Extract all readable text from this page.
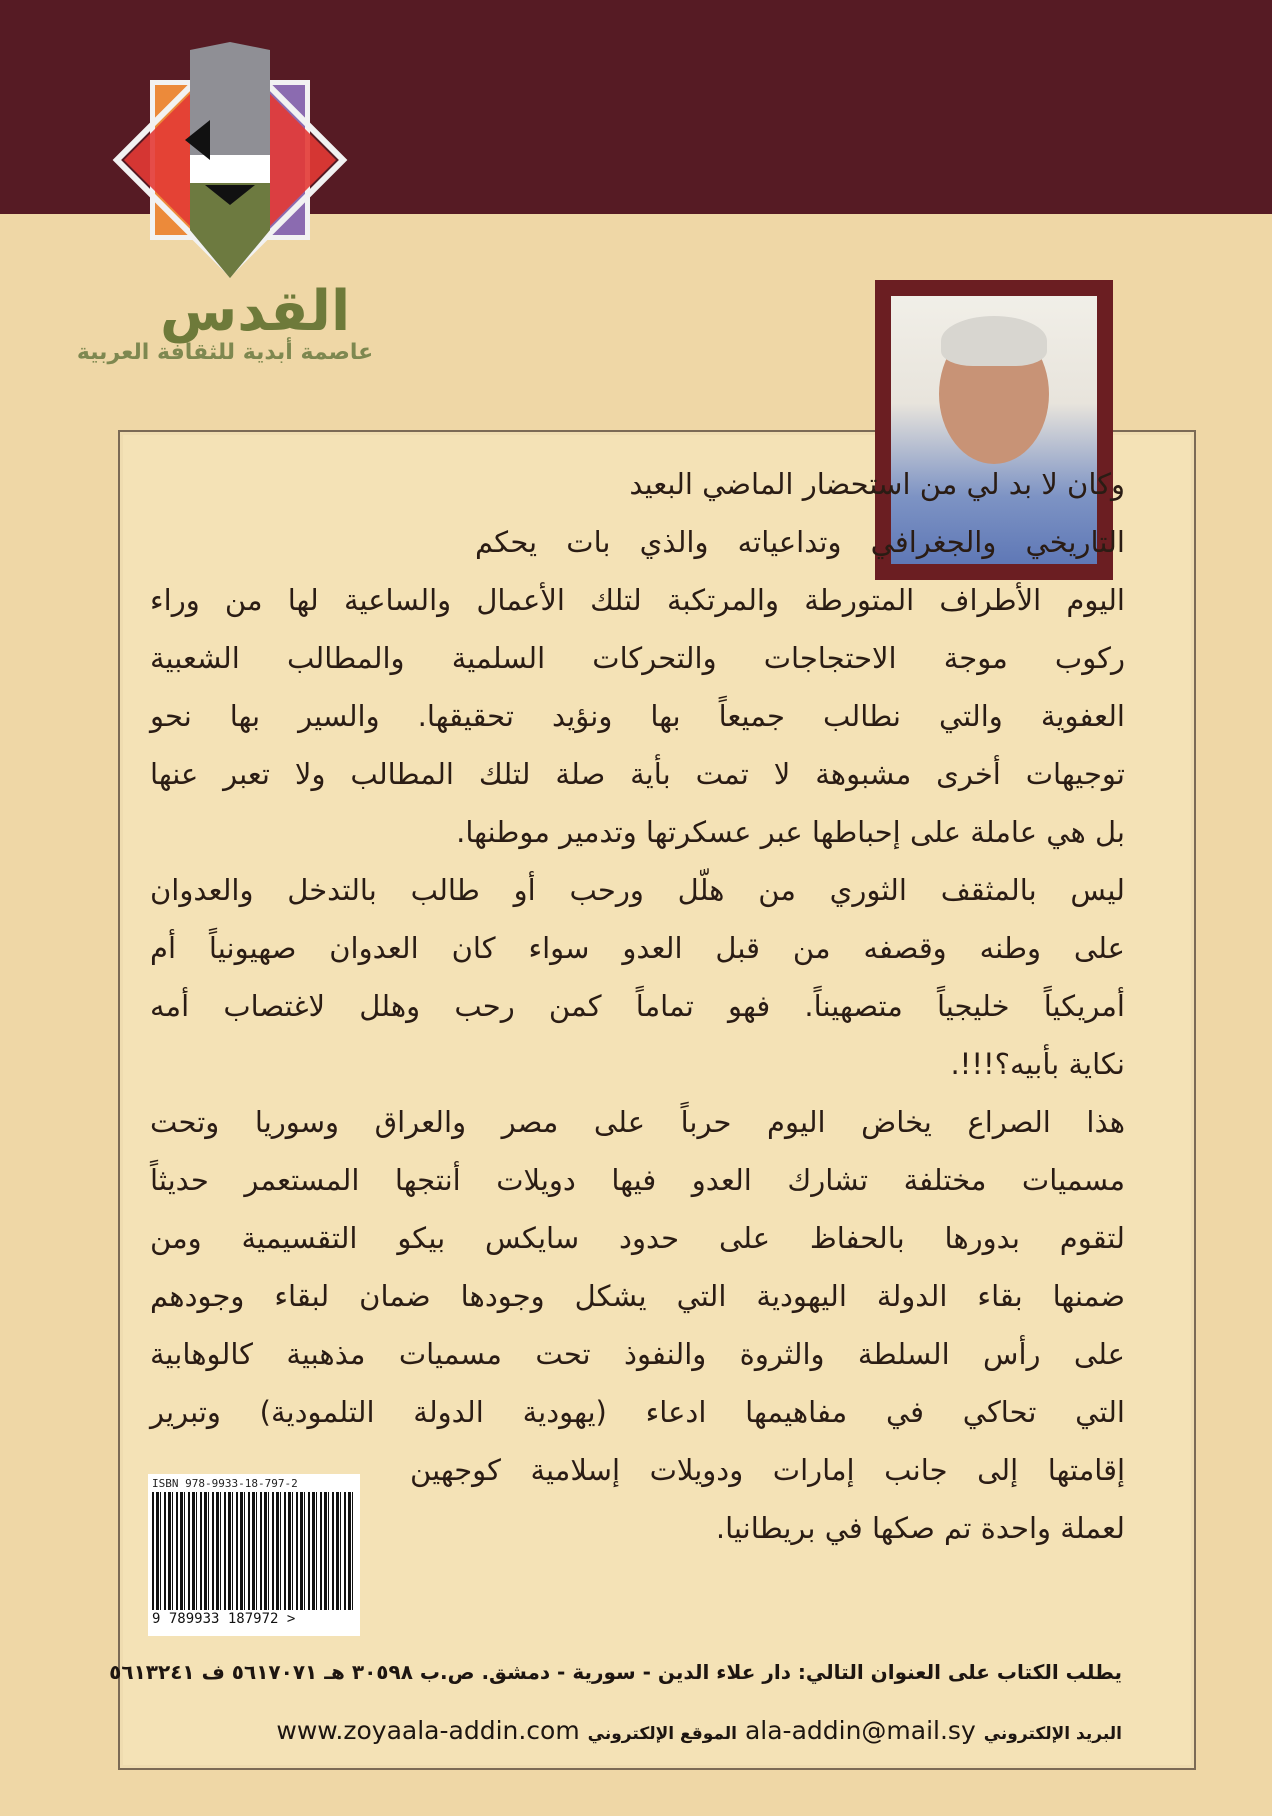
القدس
عاصمة أبدية للثقافة العربية
وكان لا بد لي من استحضار الماضي البعيد
التاريخي والجغرافي وتداعياته والذي بات يحكم
اليوم الأطراف المتورطة والمرتكبة لتلك الأعمال والساعية لها من وراء
ركوب موجة الاحتجاجات والتحركات السلمية والمطالب الشعبية
العفوية والتي نطالب جميعاً بها ونؤيد تحقيقها. والسير بها نحو
توجيهات أخرى مشبوهة لا تمت بأية صلة لتلك المطالب ولا تعبر عنها
بل هي عاملة على إحباطها عبر عسكرتها وتدمير موطنها.
ليس بالمثقف الثوري من هلّل ورحب أو طالب بالتدخل والعدوان
على وطنه وقصفه من قبل العدو سواء كان العدوان صهيونياً أم
أمريكياً خليجياً متصهيناً. فهو تماماً كمن رحب وهلل لاغتصاب أمه
نكاية بأبيه؟!!!.
هذا الصراع يخاض اليوم حرباً على مصر والعراق وسوريا وتحت
مسميات مختلفة تشارك العدو فيها دويلات أنتجها المستعمر حديثاً
لتقوم بدورها بالحفاظ على حدود سايكس بيكو التقسيمية ومن
ضمنها بقاء الدولة اليهودية التي يشكل وجودها ضمان لبقاء وجودهم
على رأس السلطة والثروة والنفوذ تحت مسميات مذهبية كالوهابية
التي تحاكي في مفاهيمها ادعاء (يهودية الدولة التلمودية) وتبرير
إقامتها إلى جانب إمارات ودويلات إسلامية كوجهين
لعملة واحدة تم صكها في بريطانيا.
ISBN 978-9933-18-797-2
9 789933 187972 >
يطلب الكتاب على العنوان التالي: دار علاء الدين - سورية - دمشق. ص.ب ٣٠٥٩٨ هـ ٥٦١٧٠٧١ ف ٥٦١٣٢٤١
البريد الإلكتروني ala-addin@mail.sy الموقع الإلكتروني www.zoyaala-addin.com
